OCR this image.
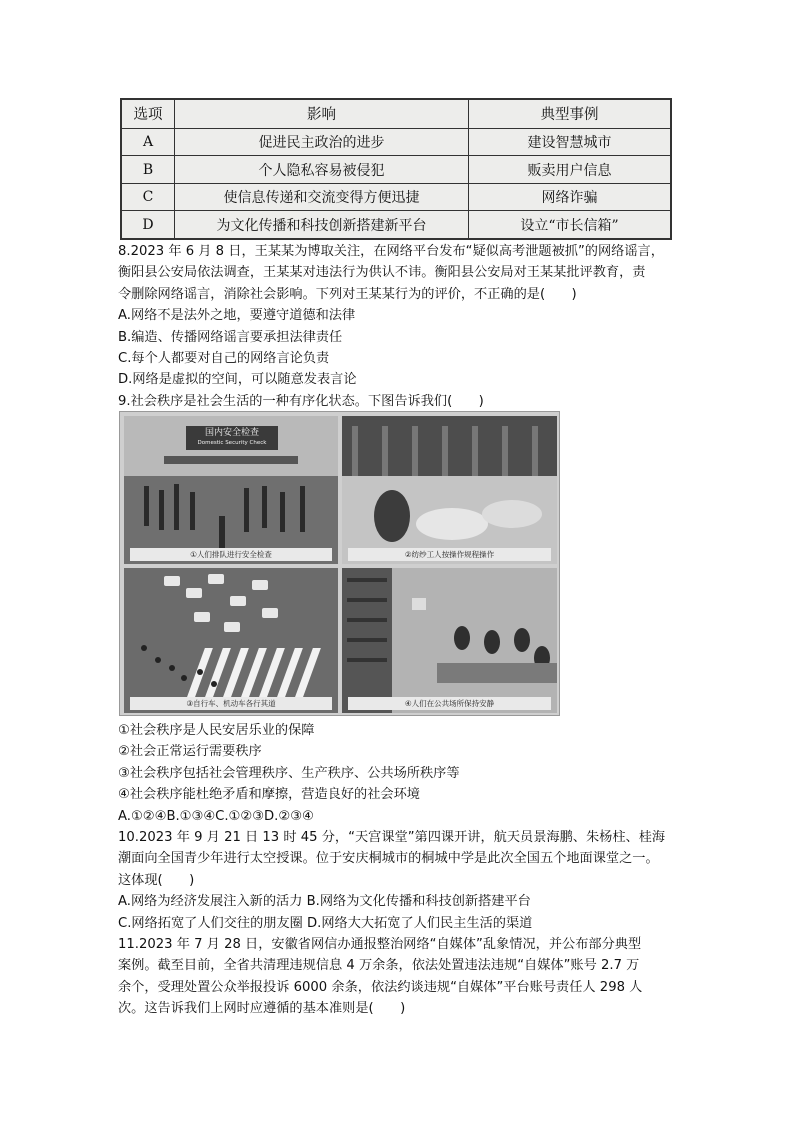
选项	影响	典型事例
A	促进民主政治的进步	建设智慧城市
B	个人隐私容易被侵犯	贩卖用户信息
C	使信息传递和交流变得方便迅捷	网络诈骗
D	为文化传播和科技创新搭建新平台	设立“市长信箱”

8.2023 年 6 月 8 日，王某某为博取关注，在网络平台发布“疑似高考泄题被抓”的网络谣言，

衡阳县公安局依法调查，王某某对违法行为供认不讳。衡阳县公安局对王某某批评教育，责

令删除网络谣言，消除社会影响。下列对王某某行为的评价，不正确的是(　　)

A.网络不是法外之地，要遵守道德和法律

B.编造、传播网络谣言要承担法律责任

C.每个人都要对自己的网络言论负责

D.网络是虚拟的空间，可以随意发表言论

9.社会秩序是社会生活的一种有序化状态。下图告诉我们(　　)

国内安全检查
Domestic Security Check
①人们排队进行安全检查	②纺纱工人按操作规程操作
③自行车、机动车各行其道	④人们在公共场所保持安静

①社会秩序是人民安居乐业的保障

②社会正常运行需要秩序

③社会秩序包括社会管理秩序、生产秩序、公共场所秩序等

④社会秩序能杜绝矛盾和摩擦，营造良好的社会环境

A.①②④B.①③④C.①②③D.②③④

10.2023 年 9 月 21 日 13 时 45 分，“天宫课堂”第四课开讲，航天员景海鹏、朱杨柱、桂海

潮面向全国青少年进行太空授课。位于安庆桐城市的桐城中学是此次全国五个地面课堂之一。

这体现(　　)

A.网络为经济发展注入新的活力 B.网络为文化传播和科技创新搭建平台

C.网络拓宽了人们交往的朋友圈 D.网络大大拓宽了人们民主生活的渠道

11.2023 年 7 月 28 日，安徽省网信办通报整治网络“自媒体”乱象情况，并公布部分典型

案例。截至目前，全省共清理违规信息 4 万余条，依法处置违法违规“自媒体”账号 2.7 万

余个，受理处置公众举报投诉 6000 余条，依法约谈违规“自媒体”平台账号责任人 298 人

次。这告诉我们上网时应遵循的基本准则是(　　)
